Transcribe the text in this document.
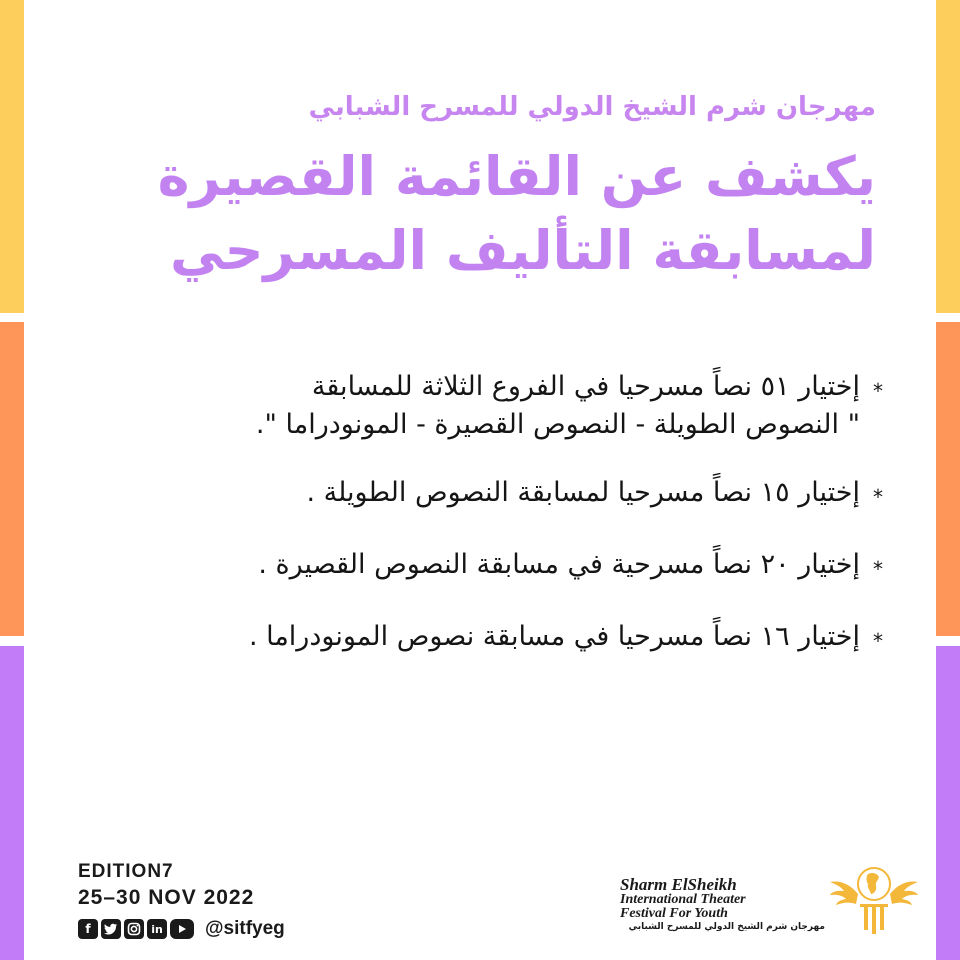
مهرجان شرم الشيخ الدولي للمسرح الشبابي
يكشف عن القائمة القصيرة لمسابقة التأليف المسرحي
*
إختيار ٥١ نصاً مسرحيا في الفروع الثلاثة للمسابقة
" النصوص الطويلة - النصوص القصيرة - المونودراما ".
*
إختيار ١٥ نصاً مسرحيا لمسابقة النصوص الطويلة .
*
إختيار ٢٠ نصاً مسرحية في مسابقة النصوص القصيرة .
*
إختيار ١٦ نصاً مسرحيا في مسابقة نصوص المونودراما .
EDITION7
25–30 NOV 2022
f	in @sitfyeg
Sharm ElSheikh
International Theater
Festival For Youth
مهرجان شرم الشيخ الدولي للمسرح الشبابي
